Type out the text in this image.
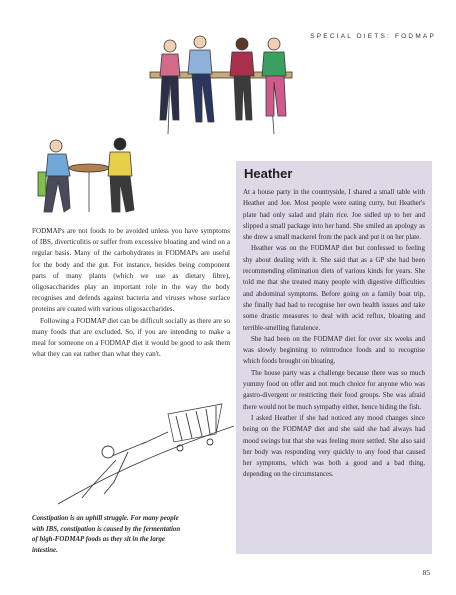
SPECIAL DIETS: FODMAP

FODMAPs are not foods to be avoided unless you have symptoms of IBS, diverticulitis or suffer from excessive bloating and wind on a regular basis. Many of the carbohydrates in FODMAPs are useful for the body and the gut. For instance, besides being component parts of many plants (which we use as dietary fibre), oligosaccharides play an important role in the way the body recognises and defends against bacteria and viruses whose surface proteins are coated with various oligosaccharides.

Following a FODMAP diet can be difficult socially as there are so many foods that are excluded. So, if you are intending to make a meal for someone on a FODMAP diet it would be good to ask them what they can eat rather than what they can't.

Constipation is an uphill struggle. For many people with IBS, constipation is caused by the fermentation of high-FODMAP foods as they sit in the large intestine.
Heather

At a house party in the countryside, I shared a small table with Heather and Joe. Most people were eating curry, but Heather's plate had only salad and plain rice. Joe sidled up to her and slipped a small package into her hand. She smiled an apology as she drew a small mackerel from the pack and put it on her plate.

Heather was on the FODMAP diet but confessed to feeling shy about dealing with it. She said that as a GP she had been recommending elimination diets of various kinds for years. She told me that she treated many people with digestive difficulties and abdominal symptoms. Before going on a family boat trip, she finally had had to recognise her own health issues and take some drastic measures to deal with acid reflux, bloating and terrible-smelling flatulence.

She had been on the FODMAP diet for over six weeks and was slowly beginning to reintroduce foods and to recognise which foods brought on bloating.

The house party was a challenge because there was so much yummy food on offer and not much choice for anyone who was gastro-divergent or restricting their food groups. She was afraid there would not be much sympathy either, hence hiding the fish.

I asked Heather if she had noticed any mood changes since being on the FODMAP diet and she said she had always had mood swings but that she was feeling more settled. She also said her body was responding very quickly to any food that caused her symptoms, which was both a good and a bad thing, depending on the circumstances.

85
